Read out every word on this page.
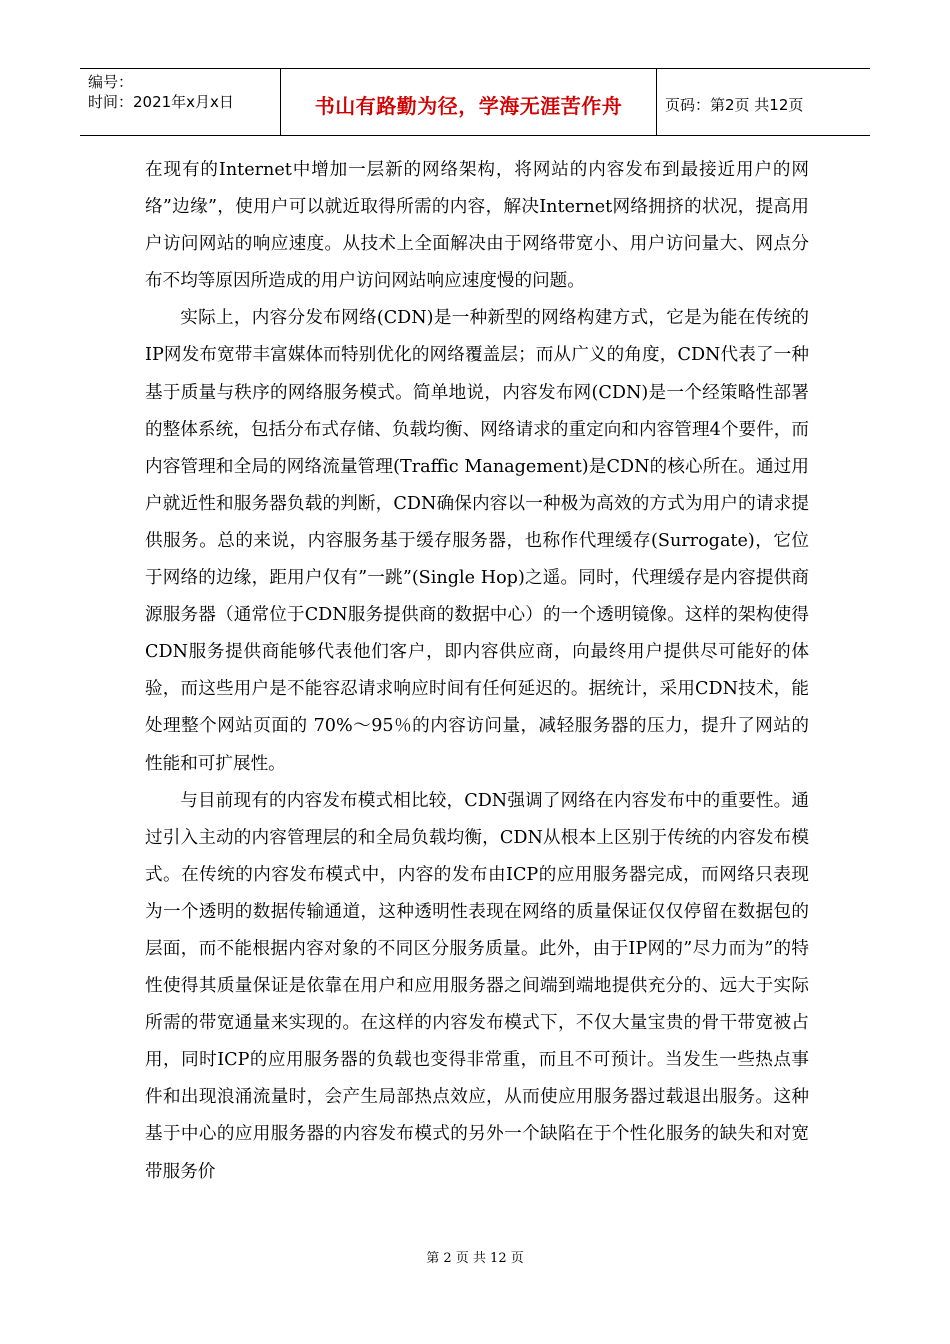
编号：
时间：2021年x月x日	书山有路勤为径，学海无涯苦作舟	页码：第2页 共12页

在现有的Internet中增加一层新的网络架构，将网站的内容发布到最接近用户的网络”边缘”，使用户可以就近取得所需的内容，解决Internet网络拥挤的状况，提高用户访问网站的响应速度。从技术上全面解决由于网络带宽小、用户访问量大、网点分布不均等原因所造成的用户访问网站响应速度慢的问题。

实际上，内容分发布网络(CDN)是一种新型的网络构建方式，它是为能在传统的IP网发布宽带丰富媒体而特别优化的网络覆盖层；而从广义的角度，CDN代表了一种基于质量与秩序的网络服务模式。简单地说，内容发布网(CDN)是一个经策略性部署的整体系统，包括分布式存储、负载均衡、网络请求的重定向和内容管理4个要件，而内容管理和全局的网络流量管理(Traffic Management)是CDN的核心所在。通过用户就近性和服务器负载的判断，CDN确保内容以一种极为高效的方式为用户的请求提供服务。总的来说，内容服务基于缓存服务器，也称作代理缓存(Surrogate)，它位于网络的边缘，距用户仅有”一跳”(Single Hop)之遥。同时，代理缓存是内容提供商源服务器（通常位于CDN服务提供商的数据中心）的一个透明镜像。这样的架构使得CDN服务提供商能够代表他们客户，即内容供应商，向最终用户提供尽可能好的体验，而这些用户是不能容忍请求响应时间有任何延迟的。据统计，采用CDN技术，能处理整个网站页面的 70%～95％的内容访问量，减轻服务器的压力，提升了网站的性能和可扩展性。

与目前现有的内容发布模式相比较，CDN强调了网络在内容发布中的重要性。通过引入主动的内容管理层的和全局负载均衡，CDN从根本上区别于传统的内容发布模式。在传统的内容发布模式中，内容的发布由ICP的应用服务器完成，而网络只表现为一个透明的数据传输通道，这种透明性表现在网络的质量保证仅仅停留在数据包的层面，而不能根据内容对象的不同区分服务质量。此外，由于IP网的”尽力而为”的特性使得其质量保证是依靠在用户和应用服务器之间端到端地提供充分的、远大于实际所需的带宽通量来实现的。在这样的内容发布模式下，不仅大量宝贵的骨干带宽被占用，同时ICP的应用服务器的负载也变得非常重，而且不可预计。当发生一些热点事件和出现浪涌流量时，会产生局部热点效应，从而使应用服务器过载退出服务。这种基于中心的应用服务器的内容发布模式的另外一个缺陷在于个性化服务的缺失和对宽带服务价

第 2 页 共 12 页
